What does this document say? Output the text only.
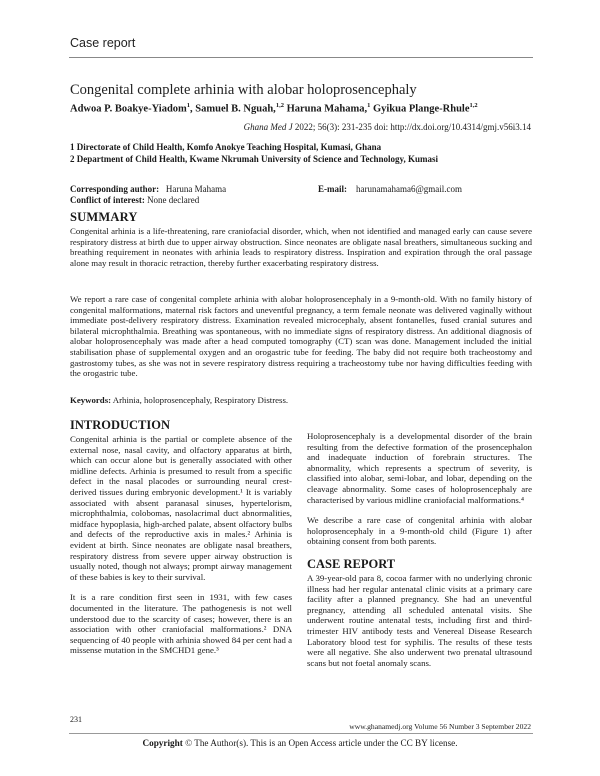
Case report
Congenital complete arhinia with alobar holoprosencephaly
Adwoa P. Boakye-Yiadom$^1$, Samuel B. Nguah,$^{1,2}$ Haruna Mahama,$^1$ Gyikua Plange-Rhule$^{1,2}$
Ghana Med J 2022; 56(3): 231-235 doi: http://dx.doi.org/10.4314/gmj.v56i3.14
1 Directorate of Child Health, Komfo Anokye Teaching Hospital, Kumasi, Ghana
2 Department of Child Health, Kwame Nkrumah University of Science and Technology, Kumasi
Corresponding author: Haruna Mahama	E-mail: harunamahama6@gmail.com
Conflict of interest: None declared
SUMMARY
Congenital arhinia is a life-threatening, rare craniofacial disorder, which, when not identified and managed early can cause severe respiratory distress at birth due to upper airway obstruction. Since neonates are obligate nasal breathers, simultaneous sucking and breathing requirement in neonates with arhinia leads to respiratory distress. Inspiration and expiration through the oral passage alone may result in thoracic retraction, thereby further exacerbating respiratory distress.
We report a rare case of congenital complete arhinia with alobar holoprosencephaly in a 9-month-old. With no family history of congenital malformations, maternal risk factors and uneventful pregnancy, a term female neonate was delivered vaginally without immediate post-delivery respiratory distress. Examination revealed microcephaly, absent fontanelles, fused cranial sutures and bilateral microphthalmia. Breathing was spontaneous, with no immediate signs of respiratory distress. An additional diagnosis of alobar holoprosencephaly was made after a head computed tomography (CT) scan was done. Management included the initial stabilisation phase of supplemental oxygen and an orogastric tube for feeding. The baby did not require both tracheostomy and gastrostomy tubes, as she was not in severe respiratory distress requiring a tracheostomy tube nor having difficulties feeding with the orogastric tube.
Keywords: Arhinia, holoprosencephaly, Respiratory Distress.
INTRODUCTION
Congenital arhinia is the partial or complete absence of the external nose, nasal cavity, and olfactory apparatus at birth, which can occur alone but is generally associated with other midline defects. Arhinia is presumed to result from a specific defect in the nasal placodes or surrounding neural crest-derived tissues during embryonic development.¹ It is variably associated with absent paranasal sinuses, hypertelorism, microphthalmia, colobomas, nasolacrimal duct abnormalities, midface hypoplasia, high-arched palate, absent olfactory bulbs and defects of the reproductive axis in males.² Arhinia is evident at birth. Since neonates are obligate nasal breathers, respiratory distress from severe upper airway obstruction is usually noted, though not always; prompt airway management of these babies is key to their survival.
It is a rare condition first seen in 1931, with few cases documented in the literature. The pathogenesis is not well understood due to the scarcity of cases; however, there is an association with other craniofacial malformations.² DNA sequencing of 40 people with arhinia showed 84 per cent had a missense mutation in the SMCHD1 gene.³
Holoprosencephaly is a developmental disorder of the brain resulting from the defective formation of the prosencephalon and inadequate induction of forebrain structures. The abnormality, which represents a spectrum of severity, is classified into alobar, semi-lobar, and lobar, depending on the cleavage abnormality. Some cases of holoprosencephaly are characterised by various midline craniofacial malformations.⁴
We describe a rare case of congenital arhinia with alobar holoprosencephaly in a 9-month-old child (Figure 1) after obtaining consent from both parents.
CASE REPORT
A 39-year-old para 8, cocoa farmer with no underlying chronic illness had her regular antenatal clinic visits at a primary care facility after a planned pregnancy. She had an uneventful pregnancy, attending all scheduled antenatal visits. She underwent routine antenatal tests, including first and third-trimester HIV antibody tests and Venereal Disease Research Laboratory blood test for syphilis. The results of these tests were all negative. She also underwent two prenatal ultrasound scans but not foetal anomaly scans.
231
www.ghanamedj.org Volume 56 Number 3 September 2022
Copyright © The Author(s). This is an Open Access article under the CC BY license.
